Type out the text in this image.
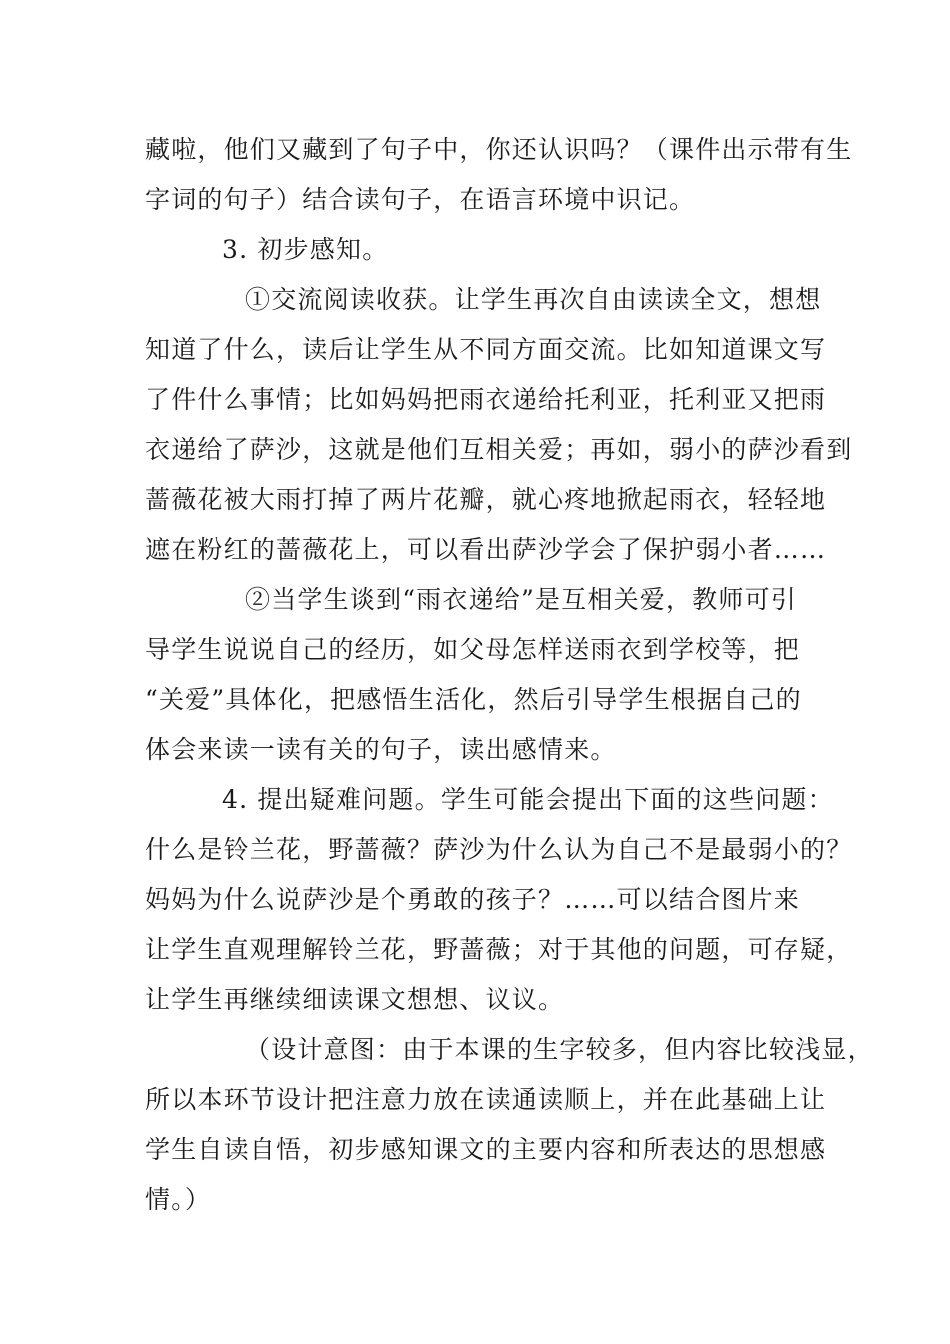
藏啦，他们又藏到了句子中，你还认识吗？（课件出示带有生
字词的句子）结合读句子，在语言环境中识记。
3. 初步感知。
①交流阅读收获。让学生再次自由读读全文，想想
知道了什么，读后让学生从不同方面交流。比如知道课文写
了件什么事情；比如妈妈把雨衣递给托利亚，托利亚又把雨
衣递给了萨沙，这就是他们互相关爱；再如，弱小的萨沙看到
蔷薇花被大雨打掉了两片花瓣，就心疼地掀起雨衣，轻轻地
遮在粉红的蔷薇花上，可以看出萨沙学会了保护弱小者……
②当学生谈到“雨衣递给”是互相关爱，教师可引
导学生说说自己的经历，如父母怎样送雨衣到学校等，把
“关爱”具体化，把感悟生活化，然后引导学生根据自己的
体会来读一读有关的句子，读出感情来。
4. 提出疑难问题。学生可能会提出下面的这些问题：
什么是铃兰花，野蔷薇？萨沙为什么认为自己不是最弱小的？
妈妈为什么说萨沙是个勇敢的孩子？……可以结合图片来
让学生直观理解铃兰花，野蔷薇；对于其他的问题，可存疑，
让学生再继续细读课文想想、议议。
（设计意图：由于本课的生字较多，但内容比较浅显，
所以本环节设计把注意力放在读通读顺上，并在此基础上让
学生自读自悟，初步感知课文的主要内容和所表达的思想感
情。）
